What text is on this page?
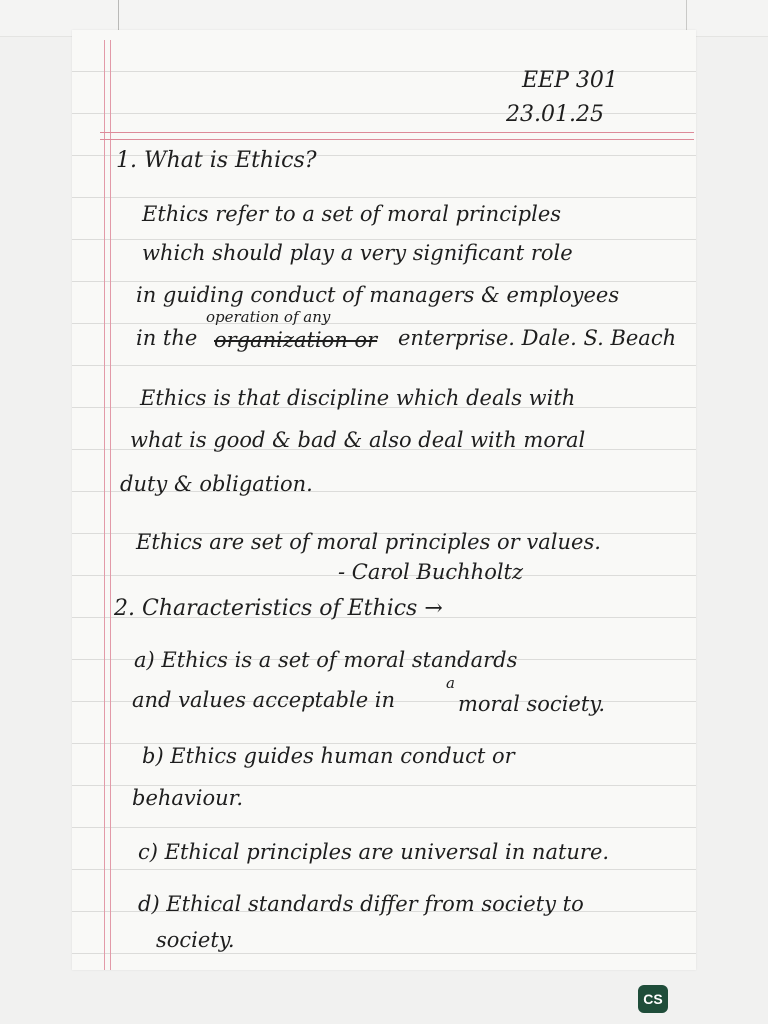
EEP 301
23.01.25
1. What is Ethics?
Ethics refer to a set of moral principles
which should play a very significant role
in guiding conduct of managers & employees
operation of any
in the organization or enterprise. Dale. S. Beach
Ethics is that discipline which deals with
what is good & bad & also deal with moral
duty & obligation.
Ethics are set of moral principles or values.
- Carol Buchholtz
2. Characteristics of Ethics →
a) Ethics is a set of moral standards
and values acceptable in
a
moral society.
b) Ethics guides human conduct or
behaviour.
c) Ethical principles are universal in nature.
d) Ethical standards differ from society to
society.
CS
